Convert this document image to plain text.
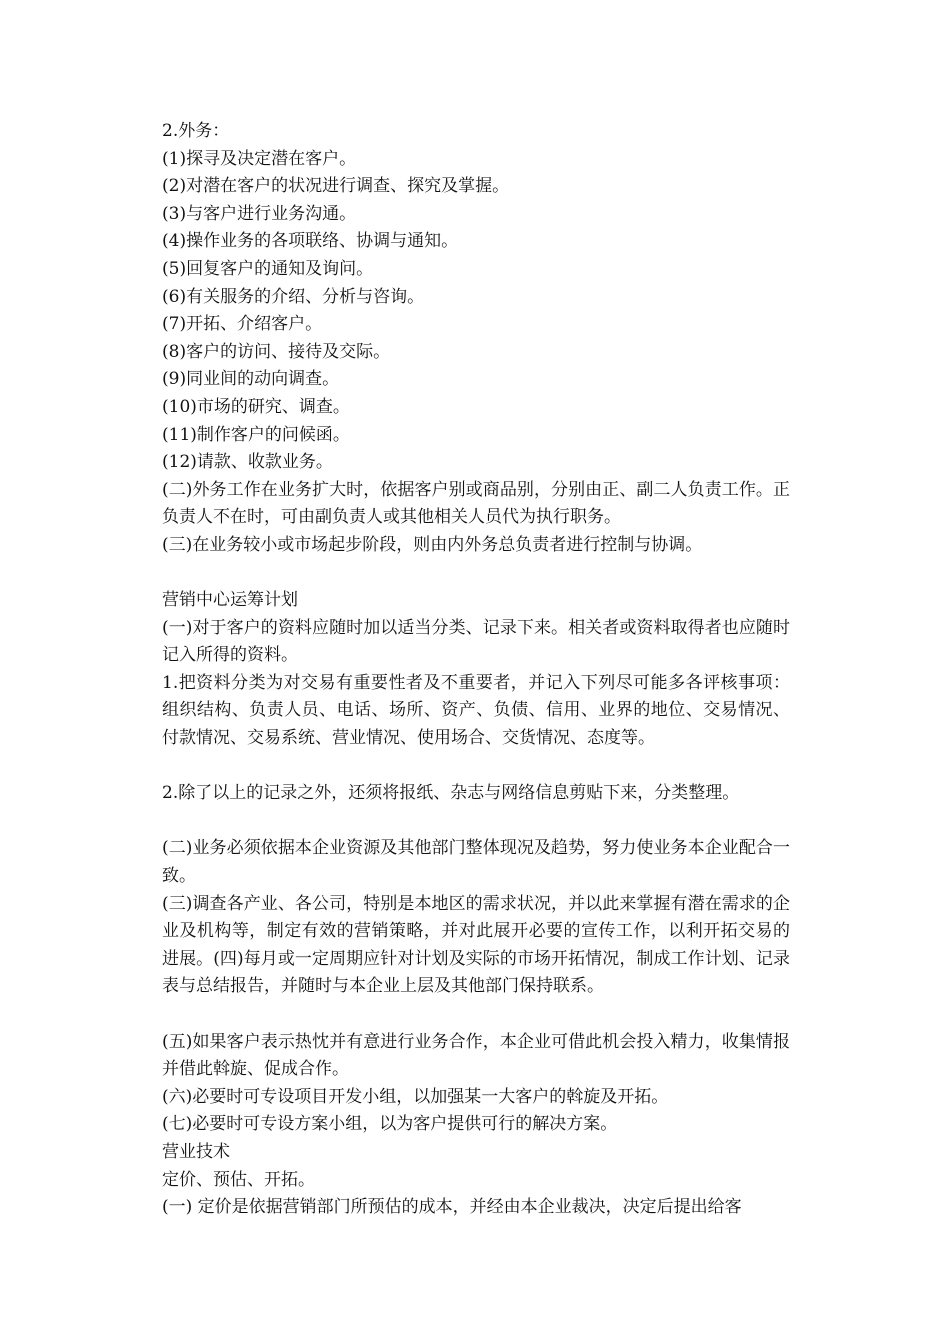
2.外务：

(1)探寻及决定潜在客户。

(2)对潜在客户的状况进行调查、探究及掌握。

(3)与客户进行业务沟通。

(4)操作业务的各项联络、协调与通知。

(5)回复客户的通知及询问。

(6)有关服务的介绍、分析与咨询。

(7)开拓、介绍客户。

(8)客户的访问、接待及交际。

(9)同业间的动向调查。

(10)市场的研究、调查。

(11)制作客户的问候函。

(12)请款、收款业务。

(二)外务工作在业务扩大时，依据客户别或商品别，分别由正、副二人负责工作。正负责人不在时，可由副负责人或其他相关人员代为执行职务。

(三)在业务较小或市场起步阶段，则由内外务总负责者进行控制与协调。

营销中心运筹计划

(一)对于客户的资料应随时加以适当分类、记录下来。相关者或资料取得者也应随时记入所得的资料。

1.把资料分类为对交易有重要性者及不重要者，并记入下列尽可能多各评核事项：组织结构、负责人员、电话、场所、资产、负债、信用、业界的地位、交易情况、付款情况、交易系统、营业情况、使用场合、交货情况、态度等。

2.除了以上的记录之外，还须将报纸、杂志与网络信息剪贴下来，分类整理。

(二)业务必须依据本企业资源及其他部门整体现况及趋势，努力使业务本企业配合一致。

(三)调查各产业、各公司，特别是本地区的需求状况，并以此来掌握有潜在需求的企业及机构等，制定有效的营销策略，并对此展开必要的宣传工作，以利开拓交易的进展。(四)每月或一定周期应针对计划及实际的市场开拓情况，制成工作计划、记录表与总结报告，并随时与本企业上层及其他部门保持联系。

(五)如果客户表示热忱并有意进行业务合作，本企业可借此机会投入精力，收集情报并借此斡旋、促成合作。

(六)必要时可专设项目开发小组，以加强某一大客户的斡旋及开拓。

(七)必要时可专设方案小组，以为客户提供可行的解决方案。

营业技术

定价、预估、开拓。

(一) 定价是依据营销部门所预估的成本，并经由本企业裁决，决定后提出给客
